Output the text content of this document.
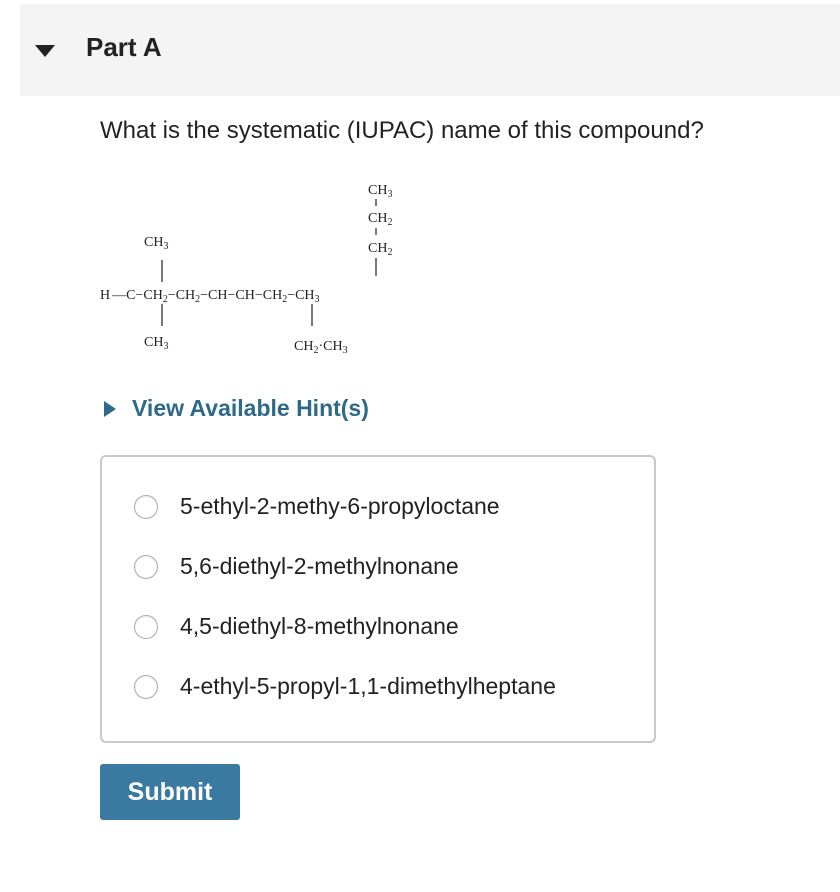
Part A
What is the systematic (IUPAC) name of this compound?
$CH_3$
$CH_2$
$CH_2$
$CH_3$
H $—C-CH_2-CH_2-CH-CH-CH_2-CH_3$
$CH_3$	$CH_2\cdot CH_3$
View Available Hint(s)
5-ethyl-2-methy-6-propyloctane
5,6-diethyl-2-methylnonane
4,5-diethyl-8-methylnonane
4-ethyl-5-propyl-1,1-dimethylheptane
Submit
